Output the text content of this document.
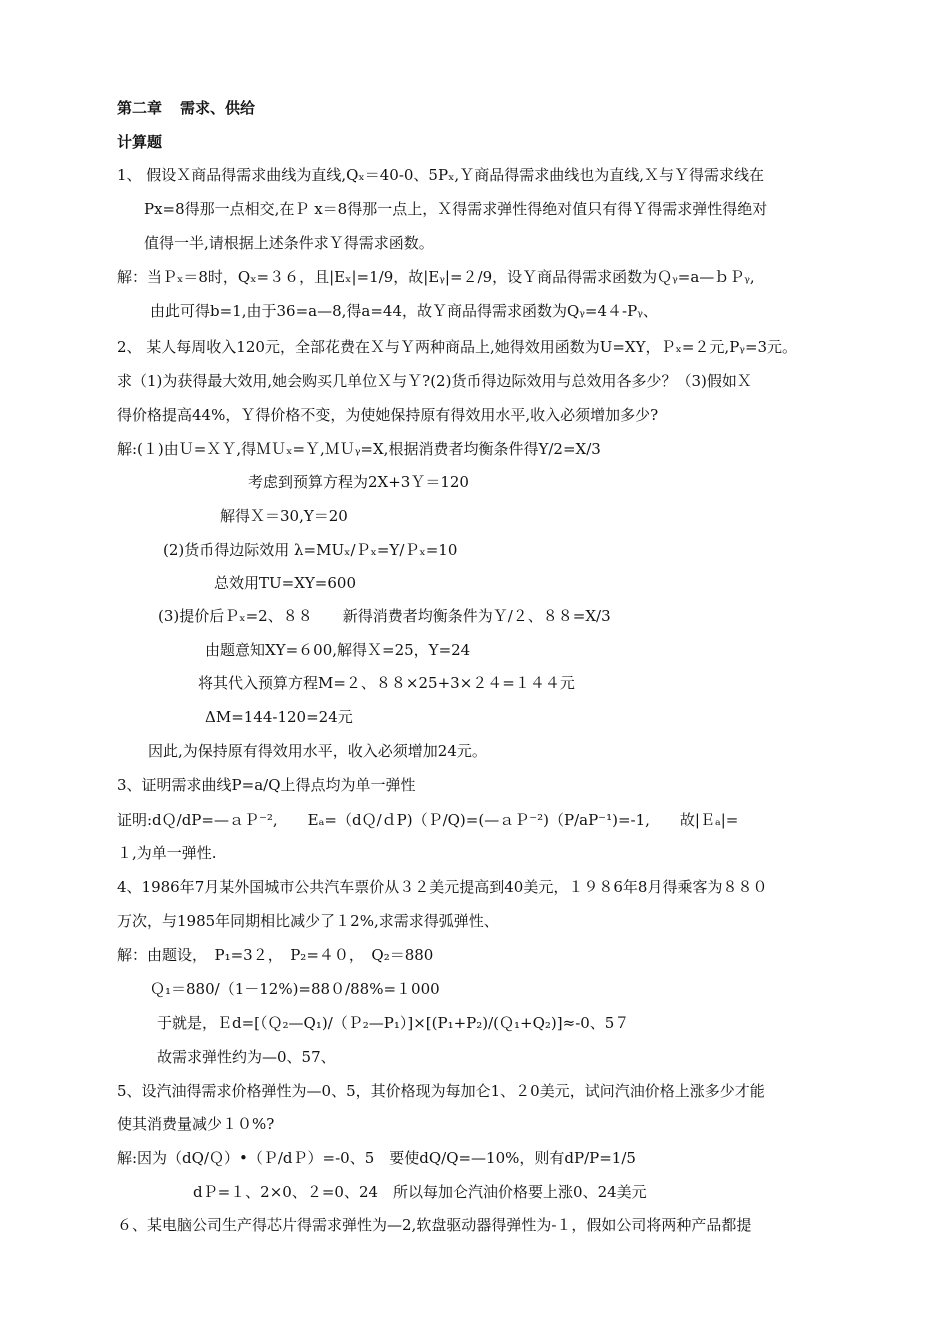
第二章 需求、供给
计算题
1、 假设Ｘ商品得需求曲线为直线,Qₓ＝40-0、5Pₓ,Ｙ商品得需求曲线也为直线,Ｘ与Ｙ得需求线在
Px=8得那一点相交,在Ｐ x＝8得那一点上，Ｘ得需求弹性得绝对值只有得Ｙ得需求弹性得绝对
值得一半,请根据上述条件求Ｙ得需求函数。
解：当Ｐₓ＝8时，Qₓ=３６，且|Eₓ|=1/9，故|Eᵧ|=２/9，设Ｙ商品得需求函数为Ｑᵧ=a—ｂＰᵧ,
由此可得b=1,由于36=a—8,得a=44，故Ｙ商品得需求函数为Qᵧ=4４-Pᵧ、
2、 某人每周收入120元，全部花费在Ｘ与Ｙ两种商品上,她得效用函数为U=XY，Ｐₓ=２元,Pᵧ=3元。
求（1)为获得最大效用,她会购买几单位Ｘ与Ｙ?(2)货币得边际效用与总效用各多少？（3)假如Ｘ
得价格提高44%，Ｙ得价格不变，为使她保持原有得效用水平,收入必须增加多少?
解:(１)由Ｕ=ＸＹ,得ＭＵₓ=Ｙ,ＭＵᵧ=X,根据消费者均衡条件得Y/2=X/3
考虑到预算方程为2X+3Ｙ＝120
解得Ｘ＝30,Y＝20
(2)货币得边际效用 λ=MUₓ/Ｐₓ=Y/Ｐₓ=10
总效用TU=XY=600
(3)提价后Ｐₓ=2、８８　　新得消费者均衡条件为Ｙ/２、８８=X/3
由题意知XY=６00,解得Ｘ=25，Y=24
将其代入预算方程M=２、８８×25+3×２４=１４４元
ΔM=144-120=24元
因此,为保持原有得效用水平，收入必须增加24元。
3、证明需求曲线P=a/Q上得点均为单一弹性
证明:dＱ/dP=—ａＰ⁻²,　　Eₐ=（dＱ/ｄP)（Ｐ/Q)=(—ａＰ⁻²)（P/aP⁻¹)=-1,　　故|Ｅₐ|=
１,为单一弹性.
4、1986年7月某外国城市公共汽车票价从３２美元提高到40美元，１９８6年8月得乘客为８８０
万次，与1985年同期相比减少了１2%,求需求得弧弹性、
解：由题设，　P₁=3２，　P₂=４０，　Q₂＝880
Ｑ₁＝880/（1－12%)=88０/88%=１000
于就是，Ｅd=[（Ｑ₂—Q₁)/（Ｐ₂—P₁）]×[(P₁+P₂)/(Ｑ₁+Q₂)]≈-0、5７
故需求弹性约为—0、57、
5、设汽油得需求价格弹性为—0、5，其价格现为每加仑1、２0美元，试问汽油价格上涨多少才能
使其消费量减少１０%?
解:因为（dQ/Ｑ）•（Ｐ/dＰ）=-0、5　要使dQ/Q=—10%，则有dP/P=1/5
dＰ=１、2×0、２=0、24　所以每加仑汽油价格要上涨0、24美元
６、某电脑公司生产得芯片得需求弹性为—2,软盘驱动器得弹性为-１，假如公司将两种产品都提
